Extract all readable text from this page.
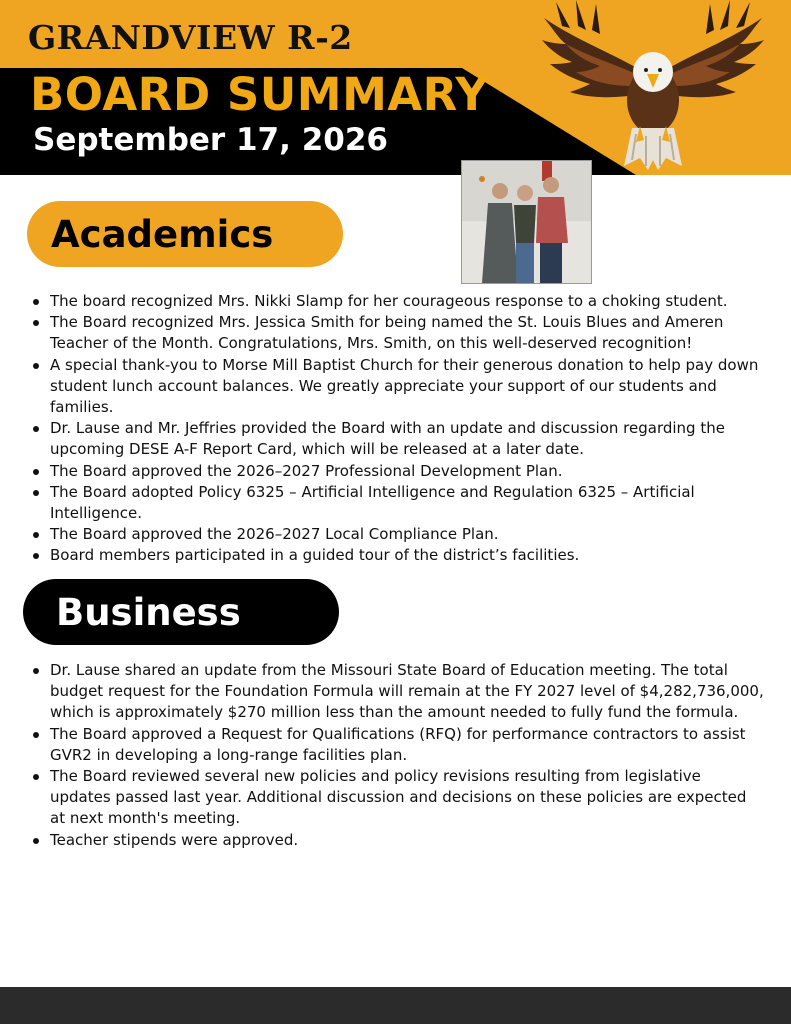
GRANDVIEW R-2
BOARD SUMMARY
September 17, 2026
Academics
The board recognized Mrs. Nikki Slamp for her courageous response to a choking student.
The Board recognized Mrs. Jessica Smith for being named the St. Louis Blues and Ameren Teacher of the Month. Congratulations, Mrs. Smith, on this well-deserved recognition!
A special thank-you to Morse Mill Baptist Church for their generous donation to help pay down student lunch account balances. We greatly appreciate your support of our students and families.
Dr. Lause and Mr. Jeffries provided the Board with an update and discussion regarding the upcoming DESE A-F Report Card, which will be released at a later date.
The Board approved the 2026–2027 Professional Development Plan.
The Board adopted Policy 6325 – Artificial Intelligence and Regulation 6325 – Artificial Intelligence.
The Board approved the 2026–2027 Local Compliance Plan.
Board members participated in a guided tour of the district’s facilities.
Business
Dr. Lause shared an update from the Missouri State Board of Education meeting. The total budget request for the Foundation Formula will remain at the FY 2027 level of $4,282,736,000, which is approximately $270 million less than the amount needed to fully fund the formula.
The Board approved a Request for Qualifications (RFQ) for performance contractors to assist GVR2 in developing a long-range facilities plan.
The Board reviewed several new policies and policy revisions resulting from legislative updates passed last year. Additional discussion and decisions on these policies are expected at next month's meeting.
Teacher stipends were approved.
